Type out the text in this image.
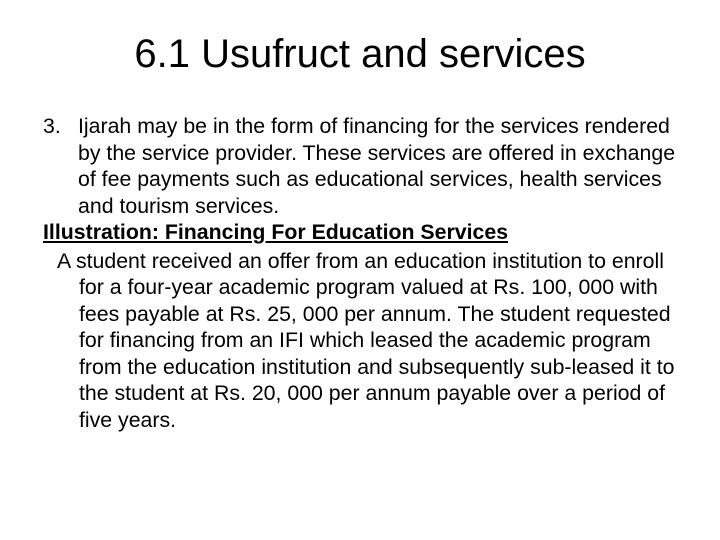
6.1 Usufruct and services

3. Ijarah may be in the form of financing for the services rendered by the service provider. These services are offered in exchange of fee payments such as educational services, health services and tourism services.

Illustration: Financing For Education Services

A student received an offer from an education institution to enroll for a four-year academic program valued at Rs. 100, 000 with fees payable at Rs. 25, 000 per annum. The student requested for financing from an IFI which leased the academic program from the education institution and subsequently sub-leased it to the student at Rs. 20, 000 per annum payable over a period of five years.
